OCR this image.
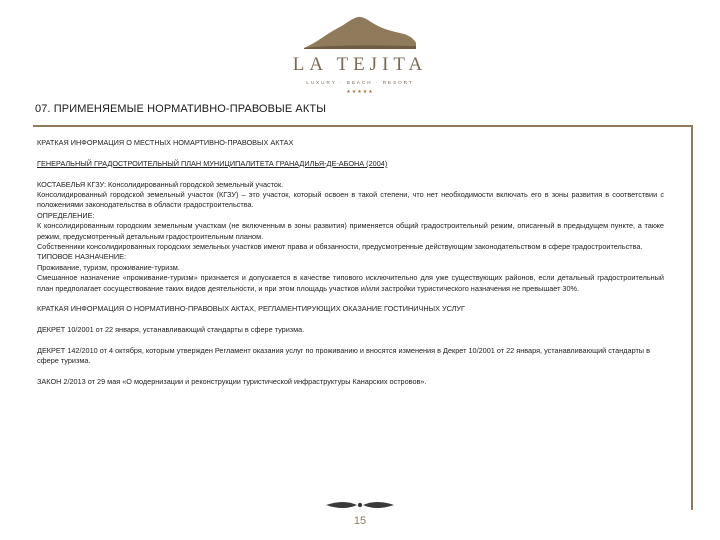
LA TEJITA
LUXURY · BEACH · RESORT
★★★★★
07. ПРИМЕНЯЕМЫЕ НОРМАТИВНО-ПРАВОВЫЕ АКТЫ

КРАТКАЯ ИНФОРМАЦИЯ О МЕСТНЫХ НОМАРТИВНО-ПРАВОВЫХ АКТАХ

ГЕНЕРАЛЬНЫЙ ГРАДОСТРОИТЕЛЬНЫЙ ПЛАН МУНИЦИПАЛИТЕТА ГРАНАДИЛЬЯ-ДЕ-АБОНА (2004)

КОСТАБЕЛЬЯ КГЗУ: Консолидированный городской земельный участок.

Консолидированный городской земельный участок (КГЗУ) – это участок, который освоен в такой степени, что нет необходимости включать его в зоны развития в соответствии с положениями законодательства в области градостроительства.

ОПРЕДЕЛЕНИЕ:

К консолидированным городским земельным участкам (не включенным в зоны развития) применяется общий градостроительный режим, описанный в предыдущем пункте, а также режим, предусмотренный детальным градостроительным планом.

Собственники консолидированных городских земельных участков имеют права и обязанности, предусмотренные действующим законодательством в сфере градостроительства.

ТИПОВОЕ НАЗНАЧЕНИЕ:

Проживание, туризм, проживание-туризм.

Смешанное назначение «проживание-туризм» признается и допускается в качестве типового исключительно для уже существующих районов, если детальный градостроительный план предполагает сосуществование таких видов деятельности, и при этом площадь участков и/или застройки туристического назначения не превышает 30%.

КРАТКАЯ ИНФОРМАЦИЯ О НОРМАТИВНО-ПРАВОВЫХ АКТАХ, РЕГЛАМЕНТИРУЮЩИХ ОКАЗАНИЕ ГОСТИНИЧНЫХ УСЛУГ

ДЕКРЕТ 10/2001 от 22 января, устанавливающий стандарты в сфере туризма.

ДЕКРЕТ 142/2010 от 4 октября, которым утвержден Регламент оказания услуг по проживанию и вносятся изменения в Декрет 10/2001 от 22 января, устанавливающий стандарты в сфере туризма.

ЗАКОН 2/2013 от 29 мая «О модернизации и реконструкции туристической инфраструктуры Канарских островов».

15
